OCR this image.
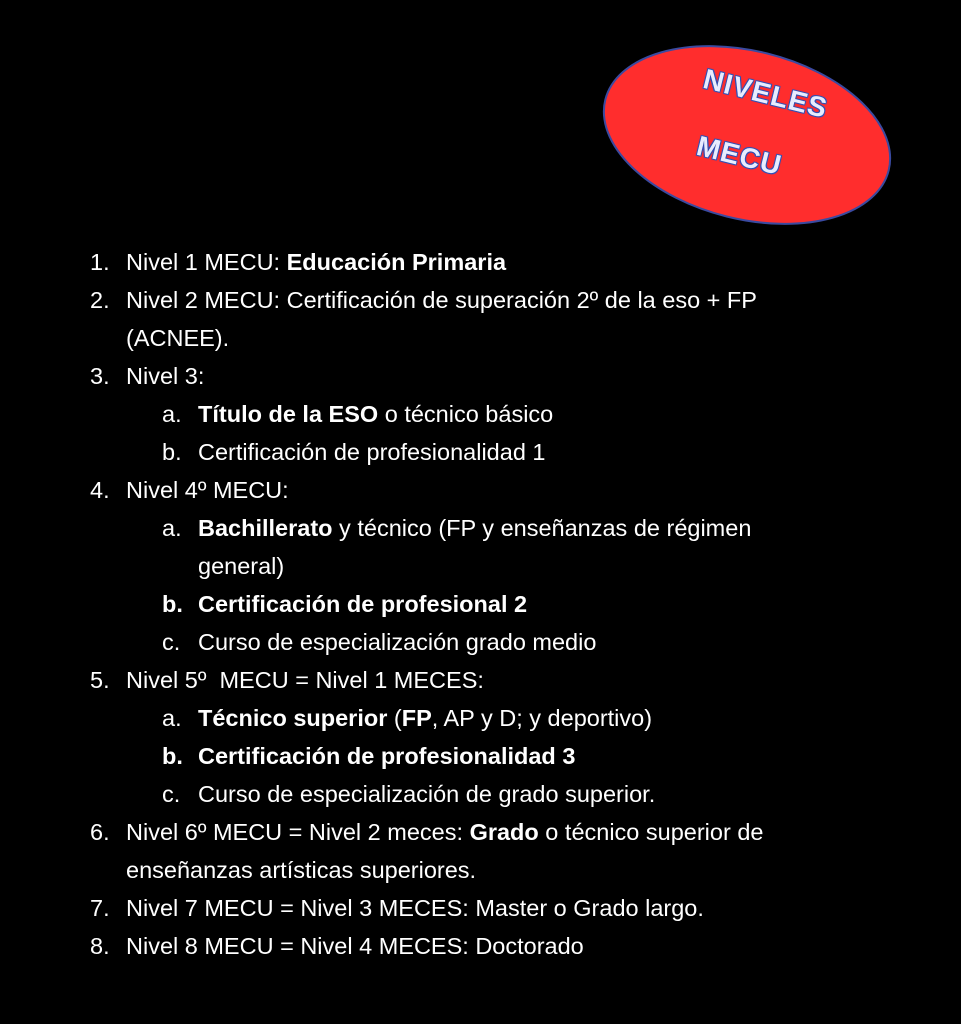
NIVELES
MECU
1. Nivel 1 MECU: Educación Primaria
2. Nivel 2 MECU: Certificación de superación 2º de la eso + FP
(ACNEE).
3. Nivel 3:
a. Título de la ESO o técnico básico
b. Certificación de profesionalidad 1
4. Nivel 4º MECU:
a. Bachillerato y técnico (FP y enseñanzas de régimen
general)
b. Certificación de profesional 2
c. Curso de especialización grado medio
5. Nivel 5º  MECU = Nivel 1 MECES:
a. Técnico superior (FP, AP y D; y deportivo)
b. Certificación de profesionalidad 3
c. Curso de especialización de grado superior.
6. Nivel 6º MECU = Nivel 2 meces: Grado o técnico superior de
enseñanzas artísticas superiores.
7. Nivel 7 MECU = Nivel 3 MECES: Master o Grado largo.
8. Nivel 8 MECU = Nivel 4 MECES: Doctorado
